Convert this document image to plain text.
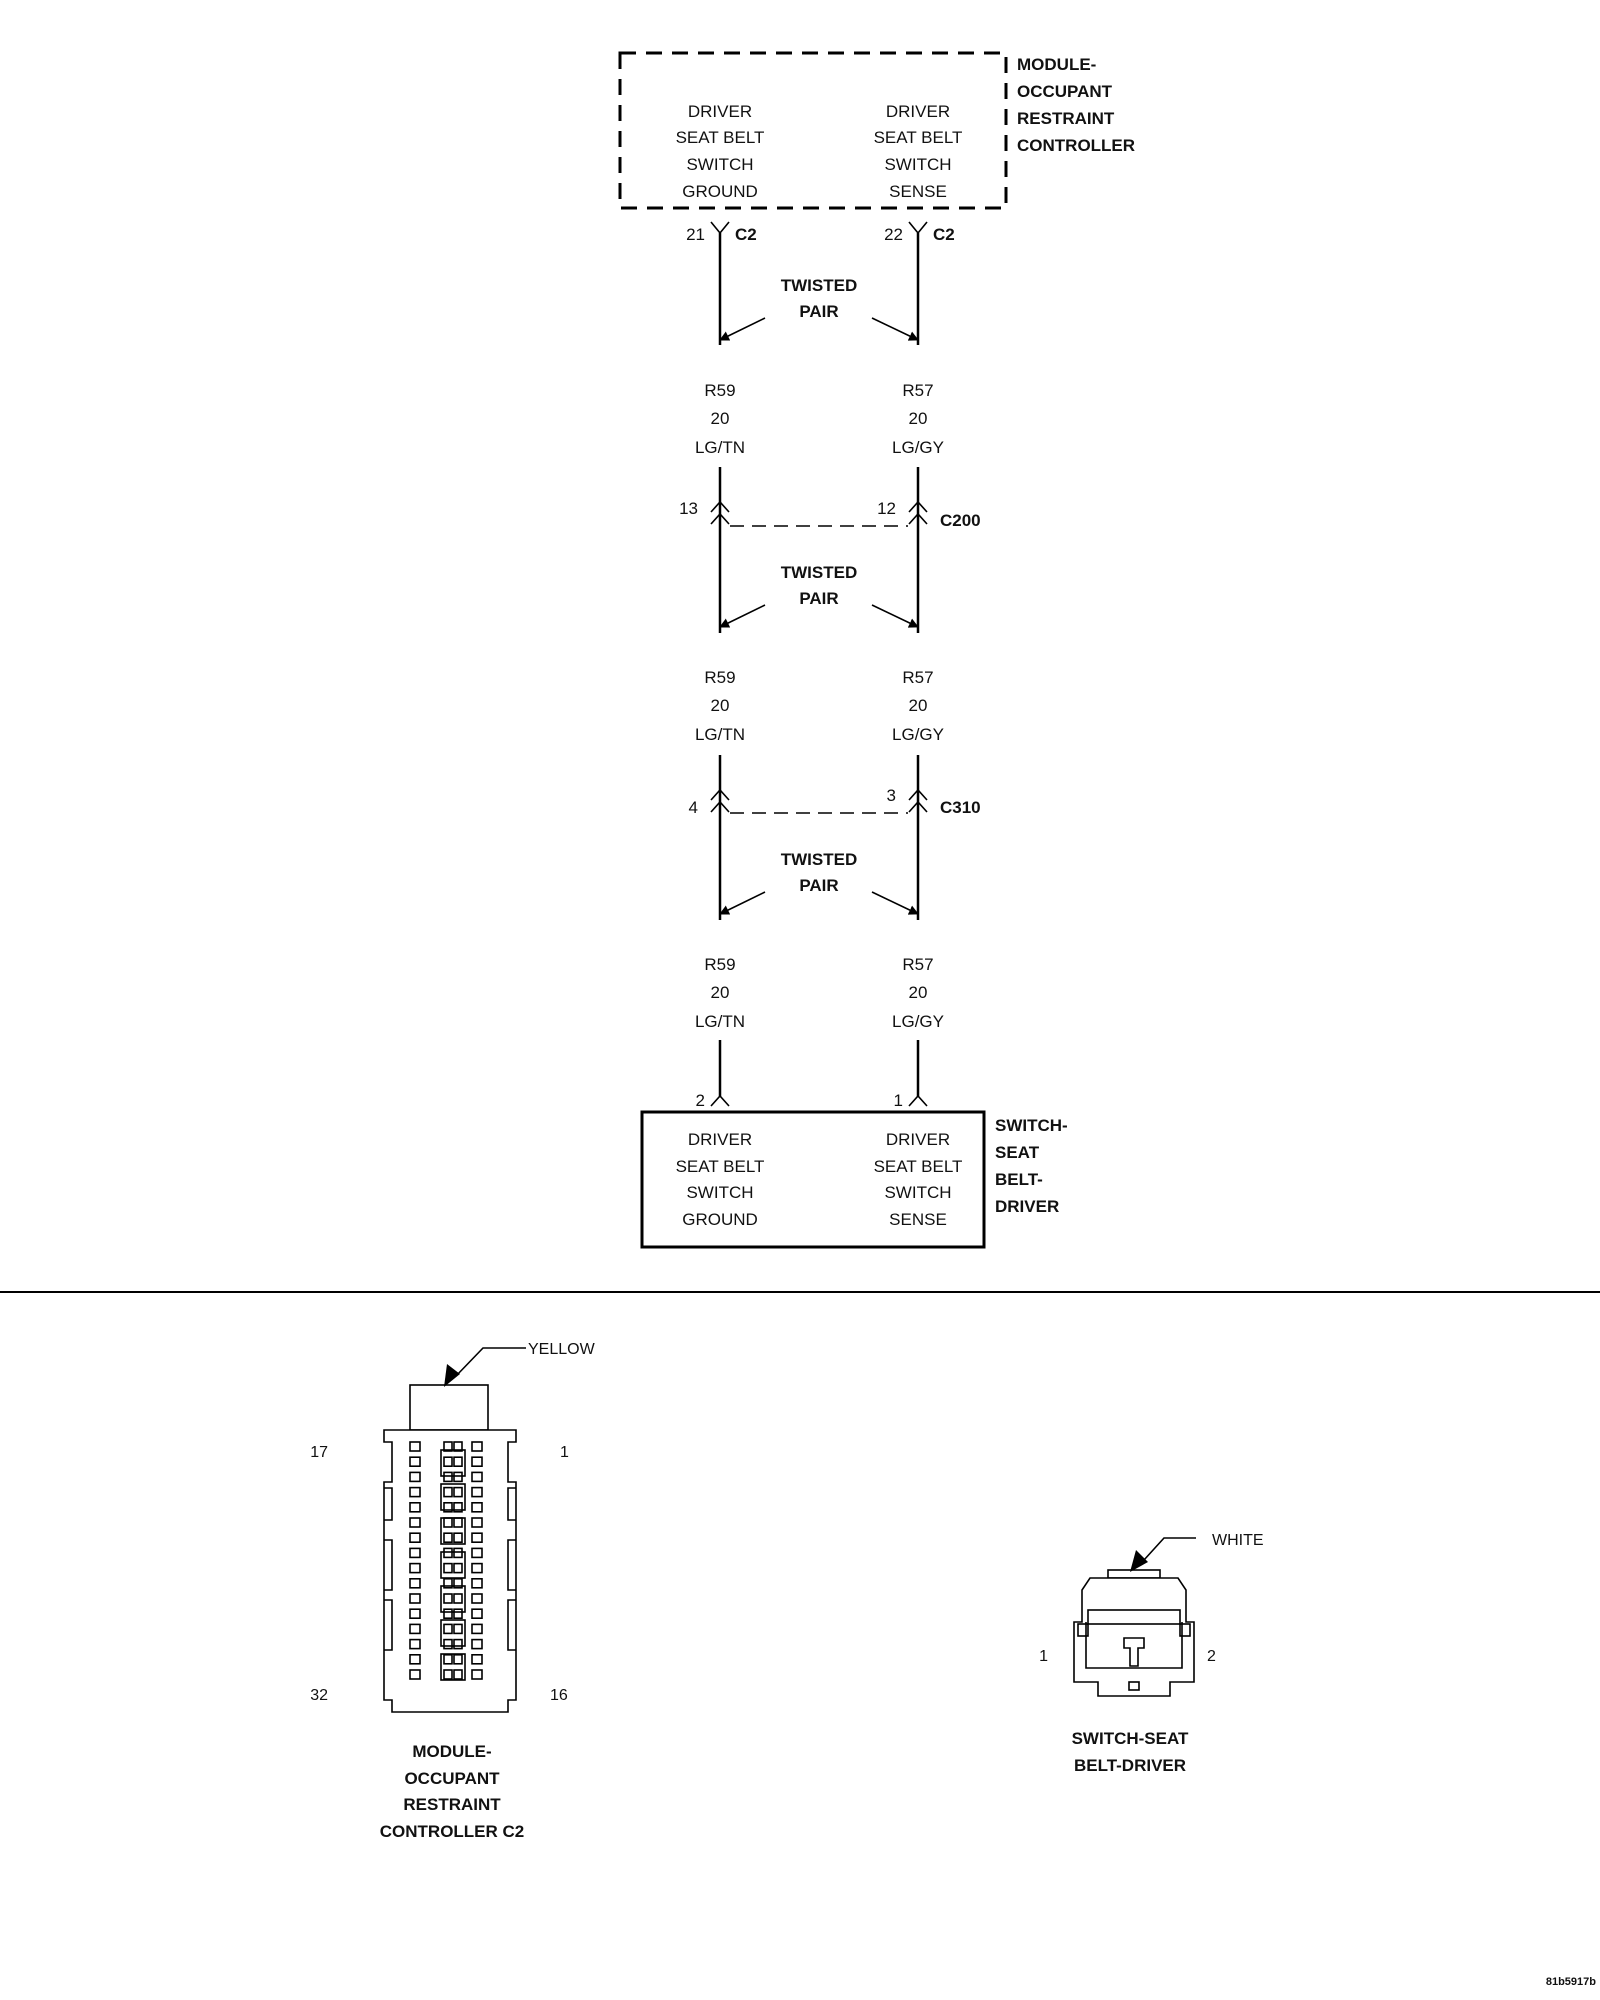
DRIVER
SEAT BELT
SWITCH
GROUND
DRIVER
SEAT BELT
SWITCH
SENSE
MODULE-
OCCUPANT
RESTRAINT
CONTROLLER
21 C2	22 C2
TWISTED
PAIR
TWISTED
PAIR
TWISTED
PAIR
R59
20
LG/TN
R57
20
LG/GY
R59
20
LG/TN
R57
20
LG/GY
R59
20
LG/TN
R57
20
LG/GY
13	12
C200
4
3
C310
2	1
DRIVER
SEAT BELT
SWITCH
GROUND
DRIVER
SEAT BELT
SWITCH
SENSE
SWITCH-
SEAT
BELT-
DRIVER
YELLOW
17	1
32	16
MODULE-
OCCUPANT
RESTRAINT
CONTROLLER C2
WHITE
1	2
SWITCH-SEAT
BELT-DRIVER
81b5917b
